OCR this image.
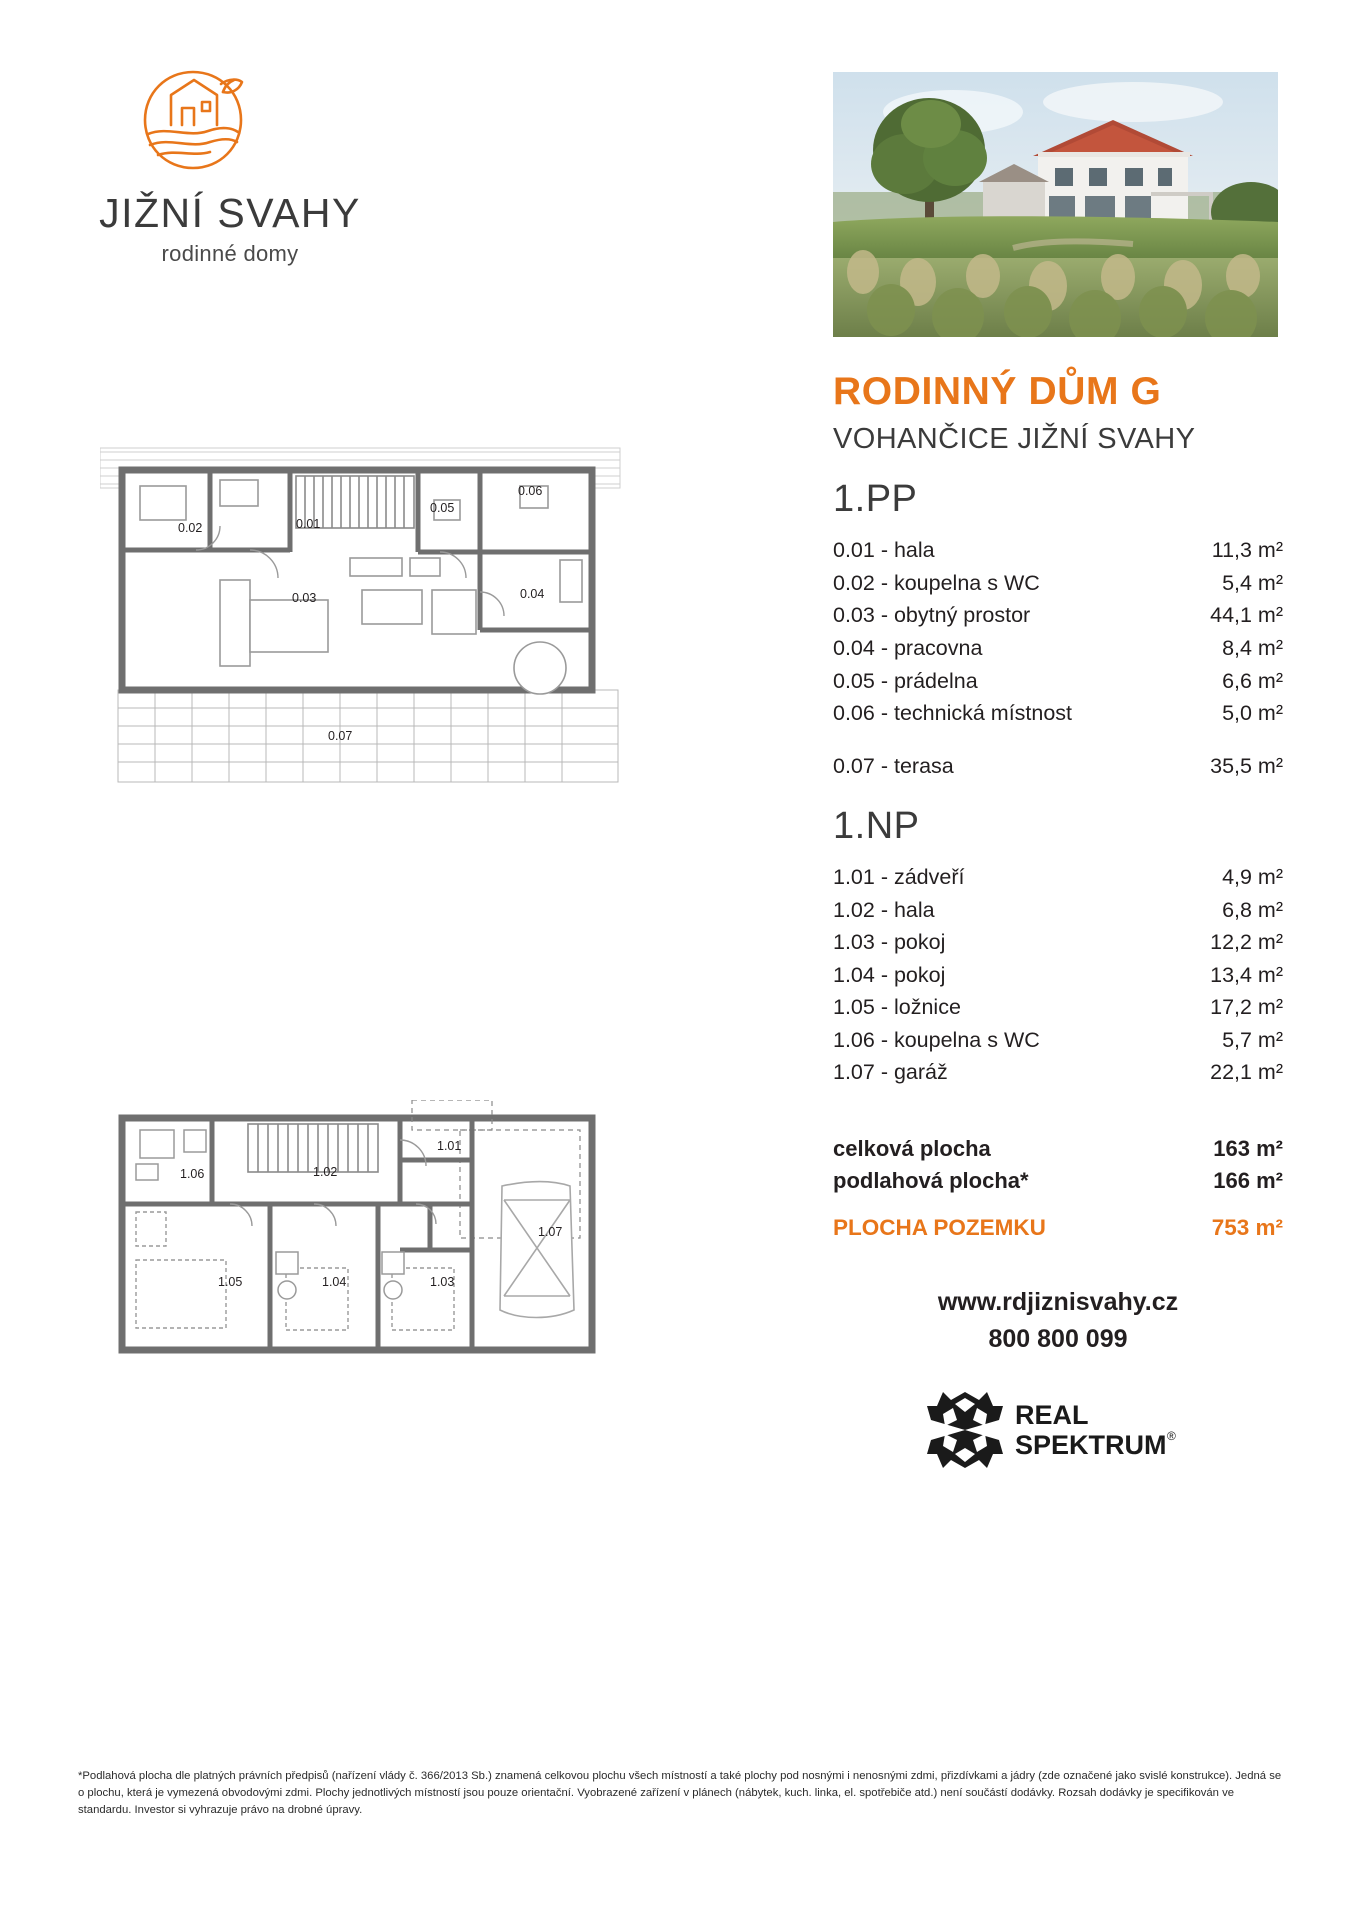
JIŽNÍ SVAHY
rodinné domy
RODINNÝ DŮM G
VOHANČICE JIŽNÍ SVAHY
1.PP
0.01 - hala	11,3 m²
0.02 - koupelna s WC	5,4 m²
0.03 - obytný prostor	44,1 m²
0.04 - pracovna	8,4 m²
0.05 - prádelna	6,6 m²
0.06 - technická místnost	5,0 m²

0.07 - terasa	35,5 m²
1.NP
1.01 - zádveří	4,9 m²
1.02 - hala	6,8 m²
1.03 - pokoj	12,2 m²
1.04 - pokoj	13,4 m²
1.05 - ložnice	17,2 m²
1.06 - koupelna s WC	5,7 m²
1.07 - garáž	22,1 m²
celková plocha	163 m²
podlahová plocha*	166 m²
PLOCHA POZEMKU	753 m²
www.rdjiznisvahy.cz
800 800 099
REAL
SPEKTRUM ®
0.02	0.01
0.05
0.06
0.03	0.04
0.07
1.06	1.02
1.01
1.07
1.05	1.04	1.03
*Podlahová plocha dle platných právních předpisů (nařízení vlády č. 366/2013 Sb.) znamená celkovou plochu všech místností a také plochy pod nosnými i nenosnými zdmi, přizdívkami a jádry (zde označené jako svislé konstrukce). Jedná se o plochu, která je vymezená obvodovými zdmi. Plochy jednotlivých místností jsou pouze orientační. Vyobrazené zařízení v plánech (nábytek, kuch. linka, el. spotřebiče atd.) není součástí dodávky. Rozsah dodávky je specifikován ve standardu. Investor si vyhrazuje právo na drobné úpravy.
